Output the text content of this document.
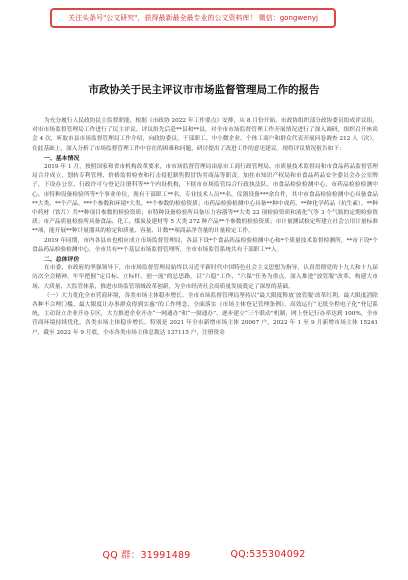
关注头条号"公文研究"，获得最新最全最专业的公文资料库！ 微信：gongwenyj
市政协关于民主评议市市场监督管理局工作的报告

为充分履行人民政协民主监督职能，根据《市政协 2022 年工作要点》安排，从 8 月份开始，市政协组织部分政协委员组成评议组，对市市场监督管理局工作进行了民主评议。评议组先后赴**县和**县，对全市市场监督管理工作开展情况进行了深入调研，组织召开座谈会 4 次，听取市县市场监督管理局工作介绍，向政协委员、干部职工、中小微企业、个体工商户和群众代表开展问卷调查 212 人（次）。在此基础上，深入分析了市场监督管理工作中存在的困难和问题，研讨提出了改进工作的意见建议。现将评议情况报告如下：

一、基本情况

2019 年 1 月，按照国家和省市机构改革要求，市市场监督管理局由原市工商行政管理局、市质量技术监督局和市食品药品监督管理局合并成立，划转专利管理、价格监督检查和打击侵犯制售假冒伪劣商品等职责。加挂市知识产权局和市食品药品安全委员会办公室牌子，下设办公室、行政许可与登记注册科等**个内设机构，下辖市市场监管综合行政执法队、市食品检验检测中心、市药品检验检测中心、市特种设备检验所等*个事业单位，现有干部职工**名，专业技术人员**名，仪器设备***余台件，其中市食品检验检测中心具备食品**大类、**个产品、***个参数和环境*大类、**个参数的检验资质；市药品检验检测中心具备**种中成药、**种化学药品（抗生素）、**种中药材（饮片）共**种项目参数的检验资质；市特种设备检验所具备压力容器等**大类 22 项检验资质和液化气等 3 个气瓶的定期检验资质；市产品质量检验所具备食品、化工、煤炭及建材等 5 大类 272 种产品**个参数的检验资质；市计量测试检定所建立社会公用计量标准**项，能开展**种计量器具的检定和质量、容量、计数**项商品净含量的计量检定工作。

2019 年同期，市内各县市也相应成立市场监督管理局，各县下设*个食品药品检验检测中心和*个质量技术监督检测所，**市下设*个食品药品检验检测中心，全市共有**个基层市场监督管理所，全市市场监管系统共有干部职工**人。

二、总体评价

在市委、市政府的坚强领导下，市市场监督管理局始终以习近平新时代中国特色社会主义思想为指导，认真贯彻党的十九大和十九届历次全会精神，牢牢把握“定目标、立标杆、创一流”的总思路，以“六稳”工作、“六保”任务为重点，深入推进“放管服”改革，构建大市场、大质量、大监管体系，推进市场监管领域改革创新，为全市经济社会高质量发展奠定了深厚的基础。

（一）大力优化全市营商环境，各类市场主体稳步增长。全市市场监督管理局坚持以“最大限度释放‘放管服’改革红利、最大限度消除各种不合理门槛、最大限度让办事群众得到实惠”的工作理念，全面落实《市场主体登记管理条例》，高效运行“无纸全程电子化”登记系统，主动设立企业开办专区，大力推进企业开办“一网通办”和“一窗通办”，逐步建立“三个联动”机制，网上登记行办率达到 100%，全市营商环境持续优化，各类市场主体稳步增长。特别是 2021 年全市新增市场主体 20067 户，2022 年 1 至 9 月新增市场主体 15241 户，截至 2022 年 9 月底，全市各类市场主体总数达 137115 户，注册资金

QQ 群：31991489	QQ:535304092
